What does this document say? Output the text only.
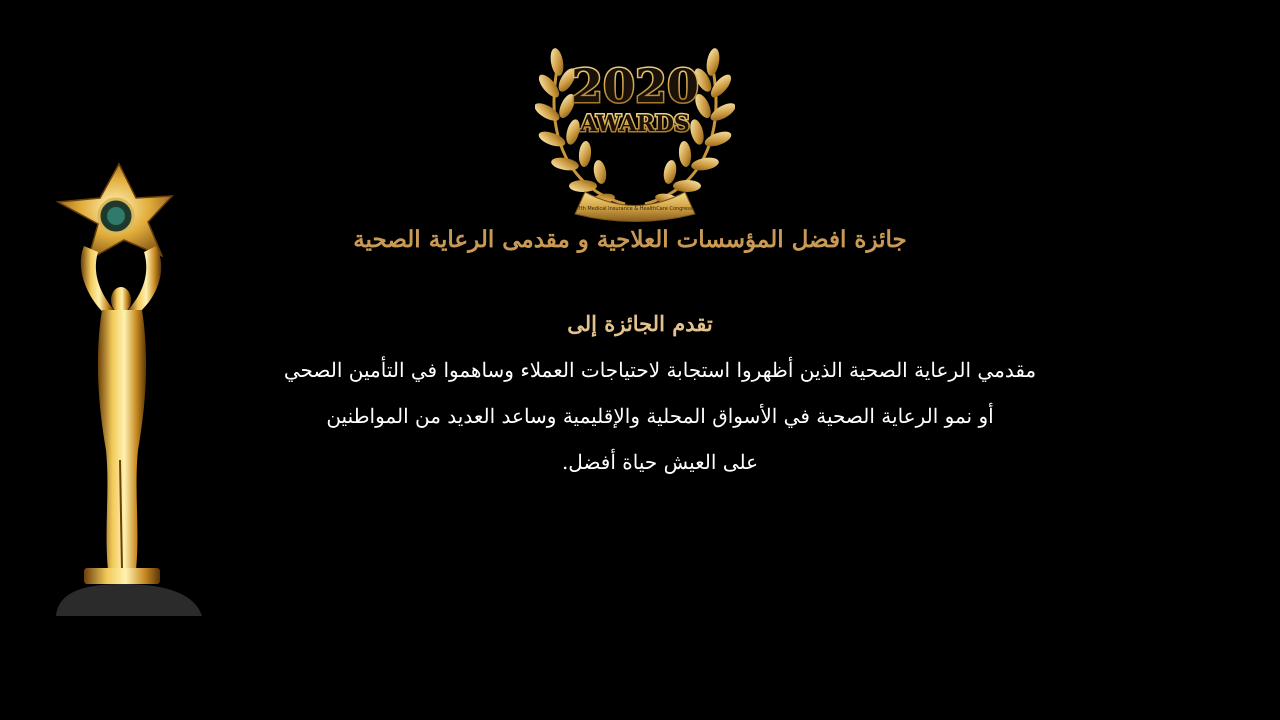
7th Medical Insurance & HealthCare Congress
2020
AWARDS
جائزة افضل المؤسسات العلاجية و مقدمى الرعاية الصحية
تقدم الجائزة إلى
مقدمي الرعاية الصحية الذين أظهروا استجابة لاحتياجات العملاء وساهموا في التأمين الصحي
أو نمو الرعاية الصحية في الأسواق المحلية والإقليمية وساعد العديد من المواطنين
على العيش حياة أفضل.
